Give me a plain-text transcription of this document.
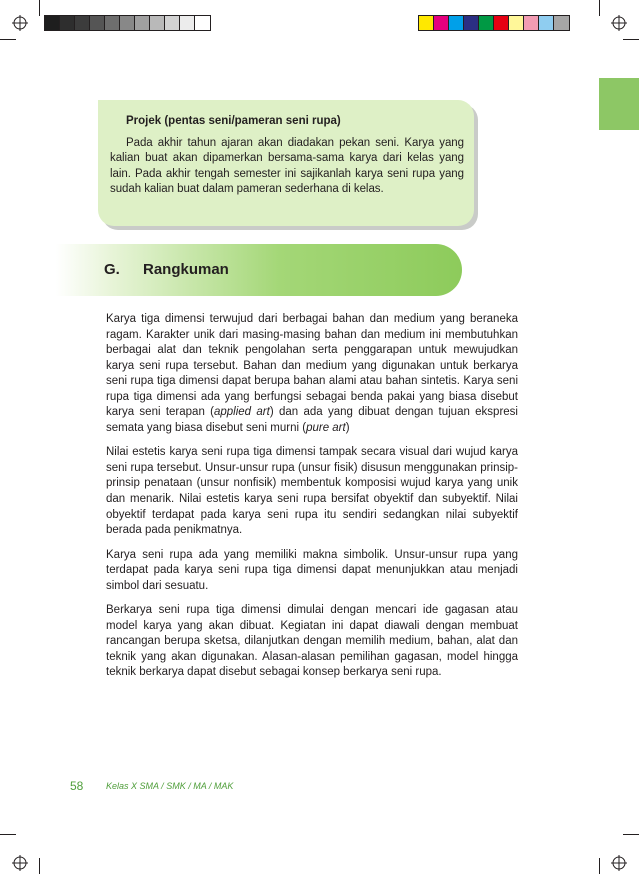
Projek (pentas seni/pameran seni rupa)

Pada akhir tahun ajaran akan diadakan pekan seni. Karya yang kalian buat akan dipamerkan bersama-sama karya dari kelas yang lain. Pada akhir tengah semester ini sajikanlah karya seni rupa yang sudah kalian buat dalam pameran sederhana di kelas.

G. Rangkuman

Karya tiga dimensi terwujud dari berbagai bahan dan medium yang beraneka ragam. Karakter unik dari masing-masing bahan dan medium ini membutuhkan berbagai alat dan teknik pengolahan serta penggarapan untuk mewujudkan karya seni rupa tersebut. Bahan dan medium yang digunakan untuk berkarya seni rupa tiga dimensi dapat berupa bahan alami atau bahan sintetis. Karya seni rupa tiga dimensi ada yang berfungsi sebagai benda pakai yang biasa disebut karya seni terapan (applied art) dan ada yang dibuat dengan tujuan ekspresi semata yang biasa disebut seni murni (pure art)

Nilai estetis karya seni rupa tiga dimensi tampak secara visual dari wujud karya seni rupa tersebut. Unsur-unsur rupa (unsur fisik) disusun menggunakan prinsip-prinsip penataan (unsur nonfisik) membentuk komposisi wujud karya yang unik dan menarik. Nilai estetis karya seni rupa bersifat obyektif dan subyektif. Nilai obyektif terdapat pada karya seni rupa itu sendiri sedangkan nilai subyektif berada pada penikmatnya.

Karya seni rupa ada yang memiliki makna simbolik. Unsur-unsur rupa yang terdapat pada karya seni rupa tiga dimensi dapat menunjukkan atau menjadi simbol dari sesuatu.

Berkarya seni rupa tiga dimensi dimulai dengan mencari ide gagasan atau model karya yang akan dibuat. Kegiatan ini dapat diawali dengan membuat rancangan berupa sketsa, dilanjutkan dengan memilih medium, bahan, alat dan teknik yang akan digunakan. Alasan-alasan pemilihan gagasan, model hingga teknik berkarya dapat disebut sebagai konsep berkarya seni rupa.

58	Kelas X SMA / SMK / MA / MAK
